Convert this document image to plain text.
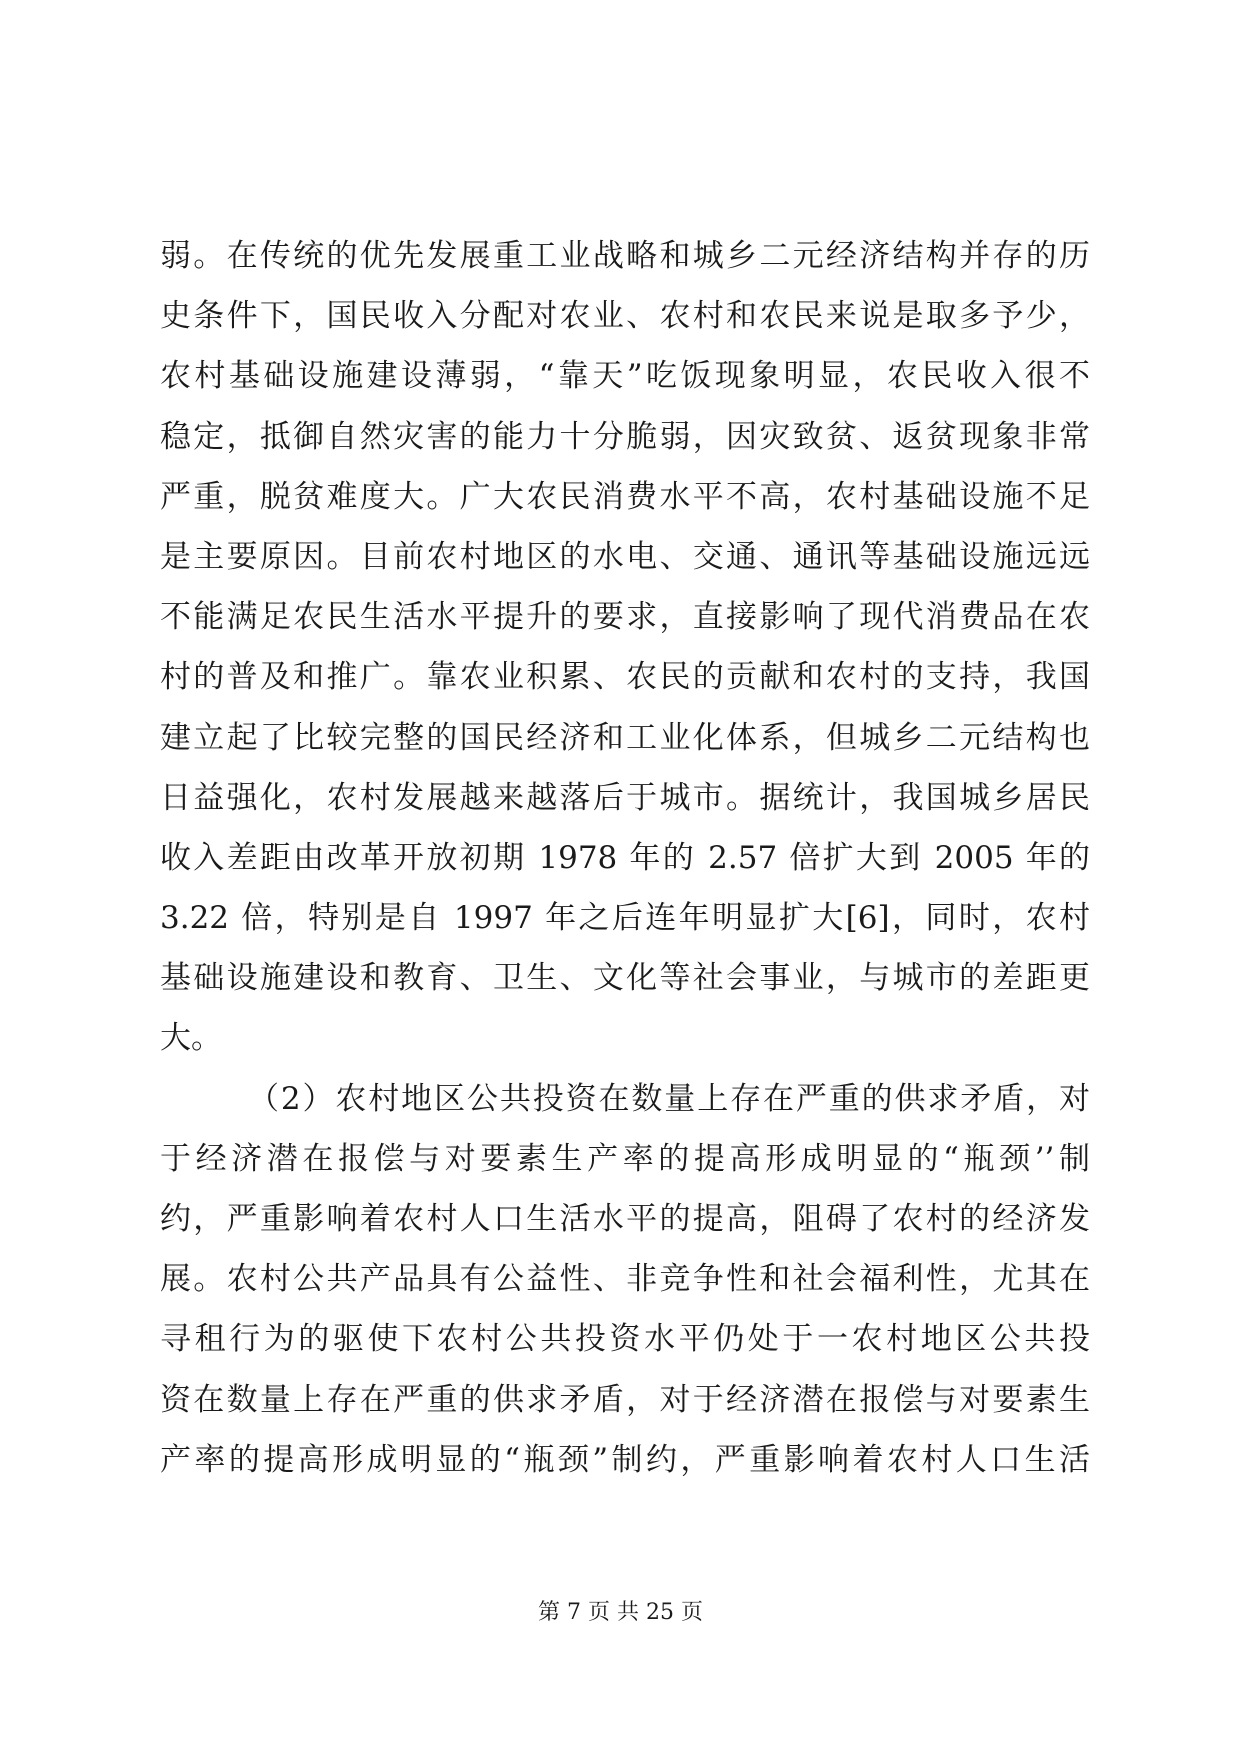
弱。在传统的优先发展重工业战略和城乡二元经济结构并存的历
史条件下，国民收入分配对农业、农村和农民来说是取多予少，
农村基础设施建设薄弱，“靠天”吃饭现象明显，农民收入很不
稳定，抵御自然灾害的能力十分脆弱，因灾致贫、返贫现象非常
严重，脱贫难度大。广大农民消费水平不高，农村基础设施不足
是主要原因。目前农村地区的水电、交通、通讯等基础设施远远
不能满足农民生活水平提升的要求，直接影响了现代消费品在农
村的普及和推广。靠农业积累、农民的贡献和农村的支持，我国
建立起了比较完整的国民经济和工业化体系，但城乡二元结构也
日益强化，农村发展越来越落后于城市。据统计，我国城乡居民
收入差距由改革开放初期 1978 年的 2.57 倍扩大到 2005 年的
3.22 倍，特别是自 1997 年之后连年明显扩大[6]，同时，农村
基础设施建设和教育、卫生、文化等社会事业，与城市的差距更
大。
（2）农村地区公共投资在数量上存在严重的供求矛盾，对
于经济潜在报偿与对要素生产率的提高形成明显的“瓶颈’’制
约，严重影响着农村人口生活水平的提高，阻碍了农村的经济发
展。农村公共产品具有公益性、非竞争性和社会福利性，尤其在
寻租行为的驱使下农村公共投资水平仍处于一农村地区公共投
资在数量上存在严重的供求矛盾，对于经济潜在报偿与对要素生
产率的提高形成明显的“瓶颈”制约，严重影响着农村人口生活
第 7 页 共 25 页
